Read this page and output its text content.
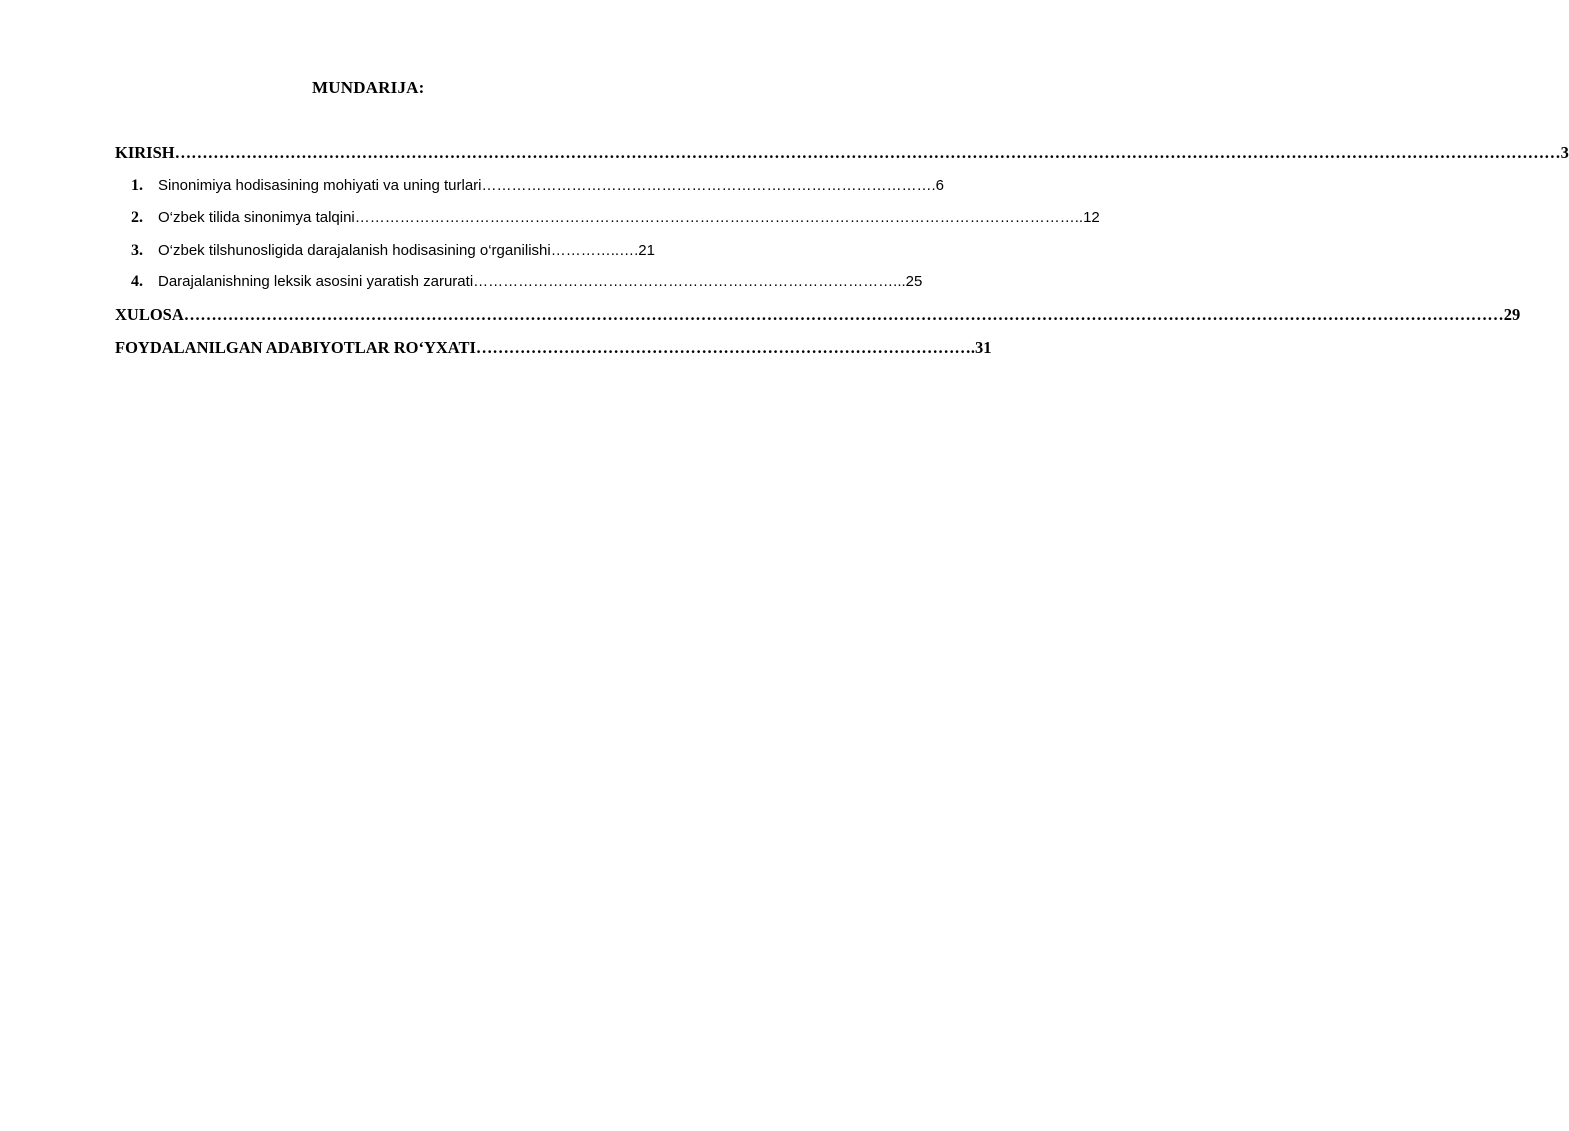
MUNDARIJA:
KIRISH………………………………………………………………………………………………………………………………………………………………………………………………………………………………3
1. Sinonimiya hodisasining mohiyati va uning turlari……………………………………………………………………………….6
2. O‘zbek tilida sinonimya talqini………………………………………………………………………………………………………………………………..12
3. O‘zbek tilshunosligida darajalanish hodisasining o‘rganilishi…………..….21
4. Darajalanishning leksik asosini yaratish zarurati…………………………………………………………………………...25
XULOSA……………………………………………………………………………………………………………………………………………………………………………………………………………………29
FOYDALANILGAN ADABIYOTLAR RO‘YXATI……………………………………………………………………………….31
